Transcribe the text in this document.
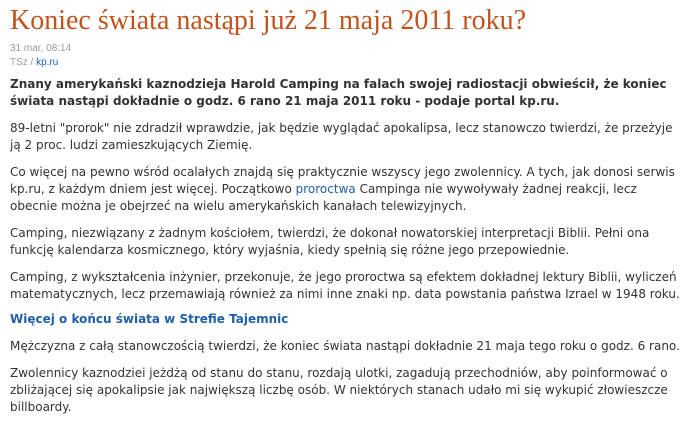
Koniec świata nastąpi już 21 maja 2011 roku?
31 mar, 08:14
TSz / kp.ru

Znany amerykański kaznodzieja Harold Camping na falach swojej radiostacji obwieścił, że koniec świata nastąpi dokładnie o godz. 6 rano 21 maja 2011 roku - podaje portal kp.ru.

89-letni "prorok" nie zdradził wprawdzie, jak będzie wyglądać apokalipsa, lecz stanowczo twierdzi, że przeżyje ją 2 proc. ludzi zamieszkujących Ziemię.

Co więcej na pewno wśród ocalałych znajdą się praktycznie wszyscy jego zwolennicy. A tych, jak donosi serwis kp.ru, z każdym dniem jest więcej. Początkowo proroctwa Campinga nie wywoływały żadnej reakcji, lecz obecnie można je obejrzeć na wielu amerykańskich kanałach telewizyjnych.

Camping, niezwiązany z żadnym kościołem, twierdzi, że dokonał nowatorskiej interpretacji Biblii. Pełni ona funkcję kalendarza kosmicznego, który wyjaśnia, kiedy spełnią się różne jego przepowiednie.

Camping, z wykształcenia inżynier, przekonuje, że jego proroctwa są efektem dokładnej lektury Biblii, wyliczeń matematycznych, lecz przemawiają również za nimi inne znaki np. data powstania państwa Izrael w 1948 roku.

Więcej o końcu świata w Strefie Tajemnic

Mężczyzna z całą stanowczością twierdzi, że koniec świata nastąpi dokładnie 21 maja tego roku o godz. 6 rano.

Zwolennicy kaznodziei jeżdżą od stanu do stanu, rozdają ulotki, zagadują przechodniów, aby poinformować o zbliżającej się apokalipsie jak największą liczbę osób. W niektórych stanach udało mi się wykupić złowieszcze billboardy.
